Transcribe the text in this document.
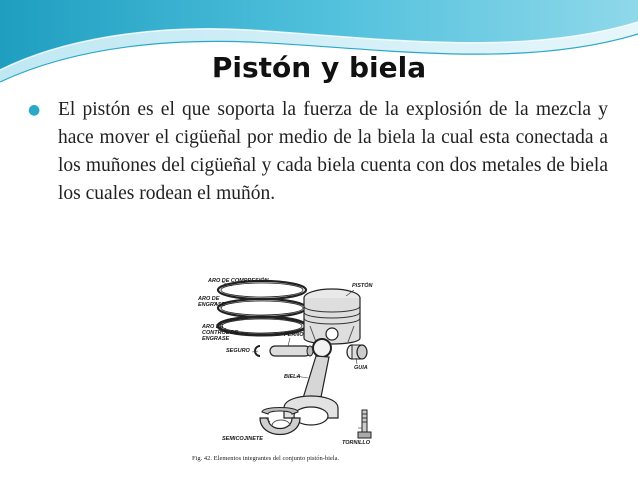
Pistón y biela
● El pistón es el que soporta la fuerza de la explosión de la mezcla y hace mover el cigüeñal por medio de la biela la cual esta conectada a los muñones del cigüeñal y cada biela cuenta con dos metales de biela los cuales rodean el muñón.

ARO DE COMPRESIÓN
ARO DE ENGRASE
ARO DE CONTROL DE ENGRASE
PISTÓN
PERNO
SEGURO
GUIA
BIELA
SEMICOJINETE
TORNILLO
Fig. 42. Elementos integrantes del conjunto pistón-biela.
